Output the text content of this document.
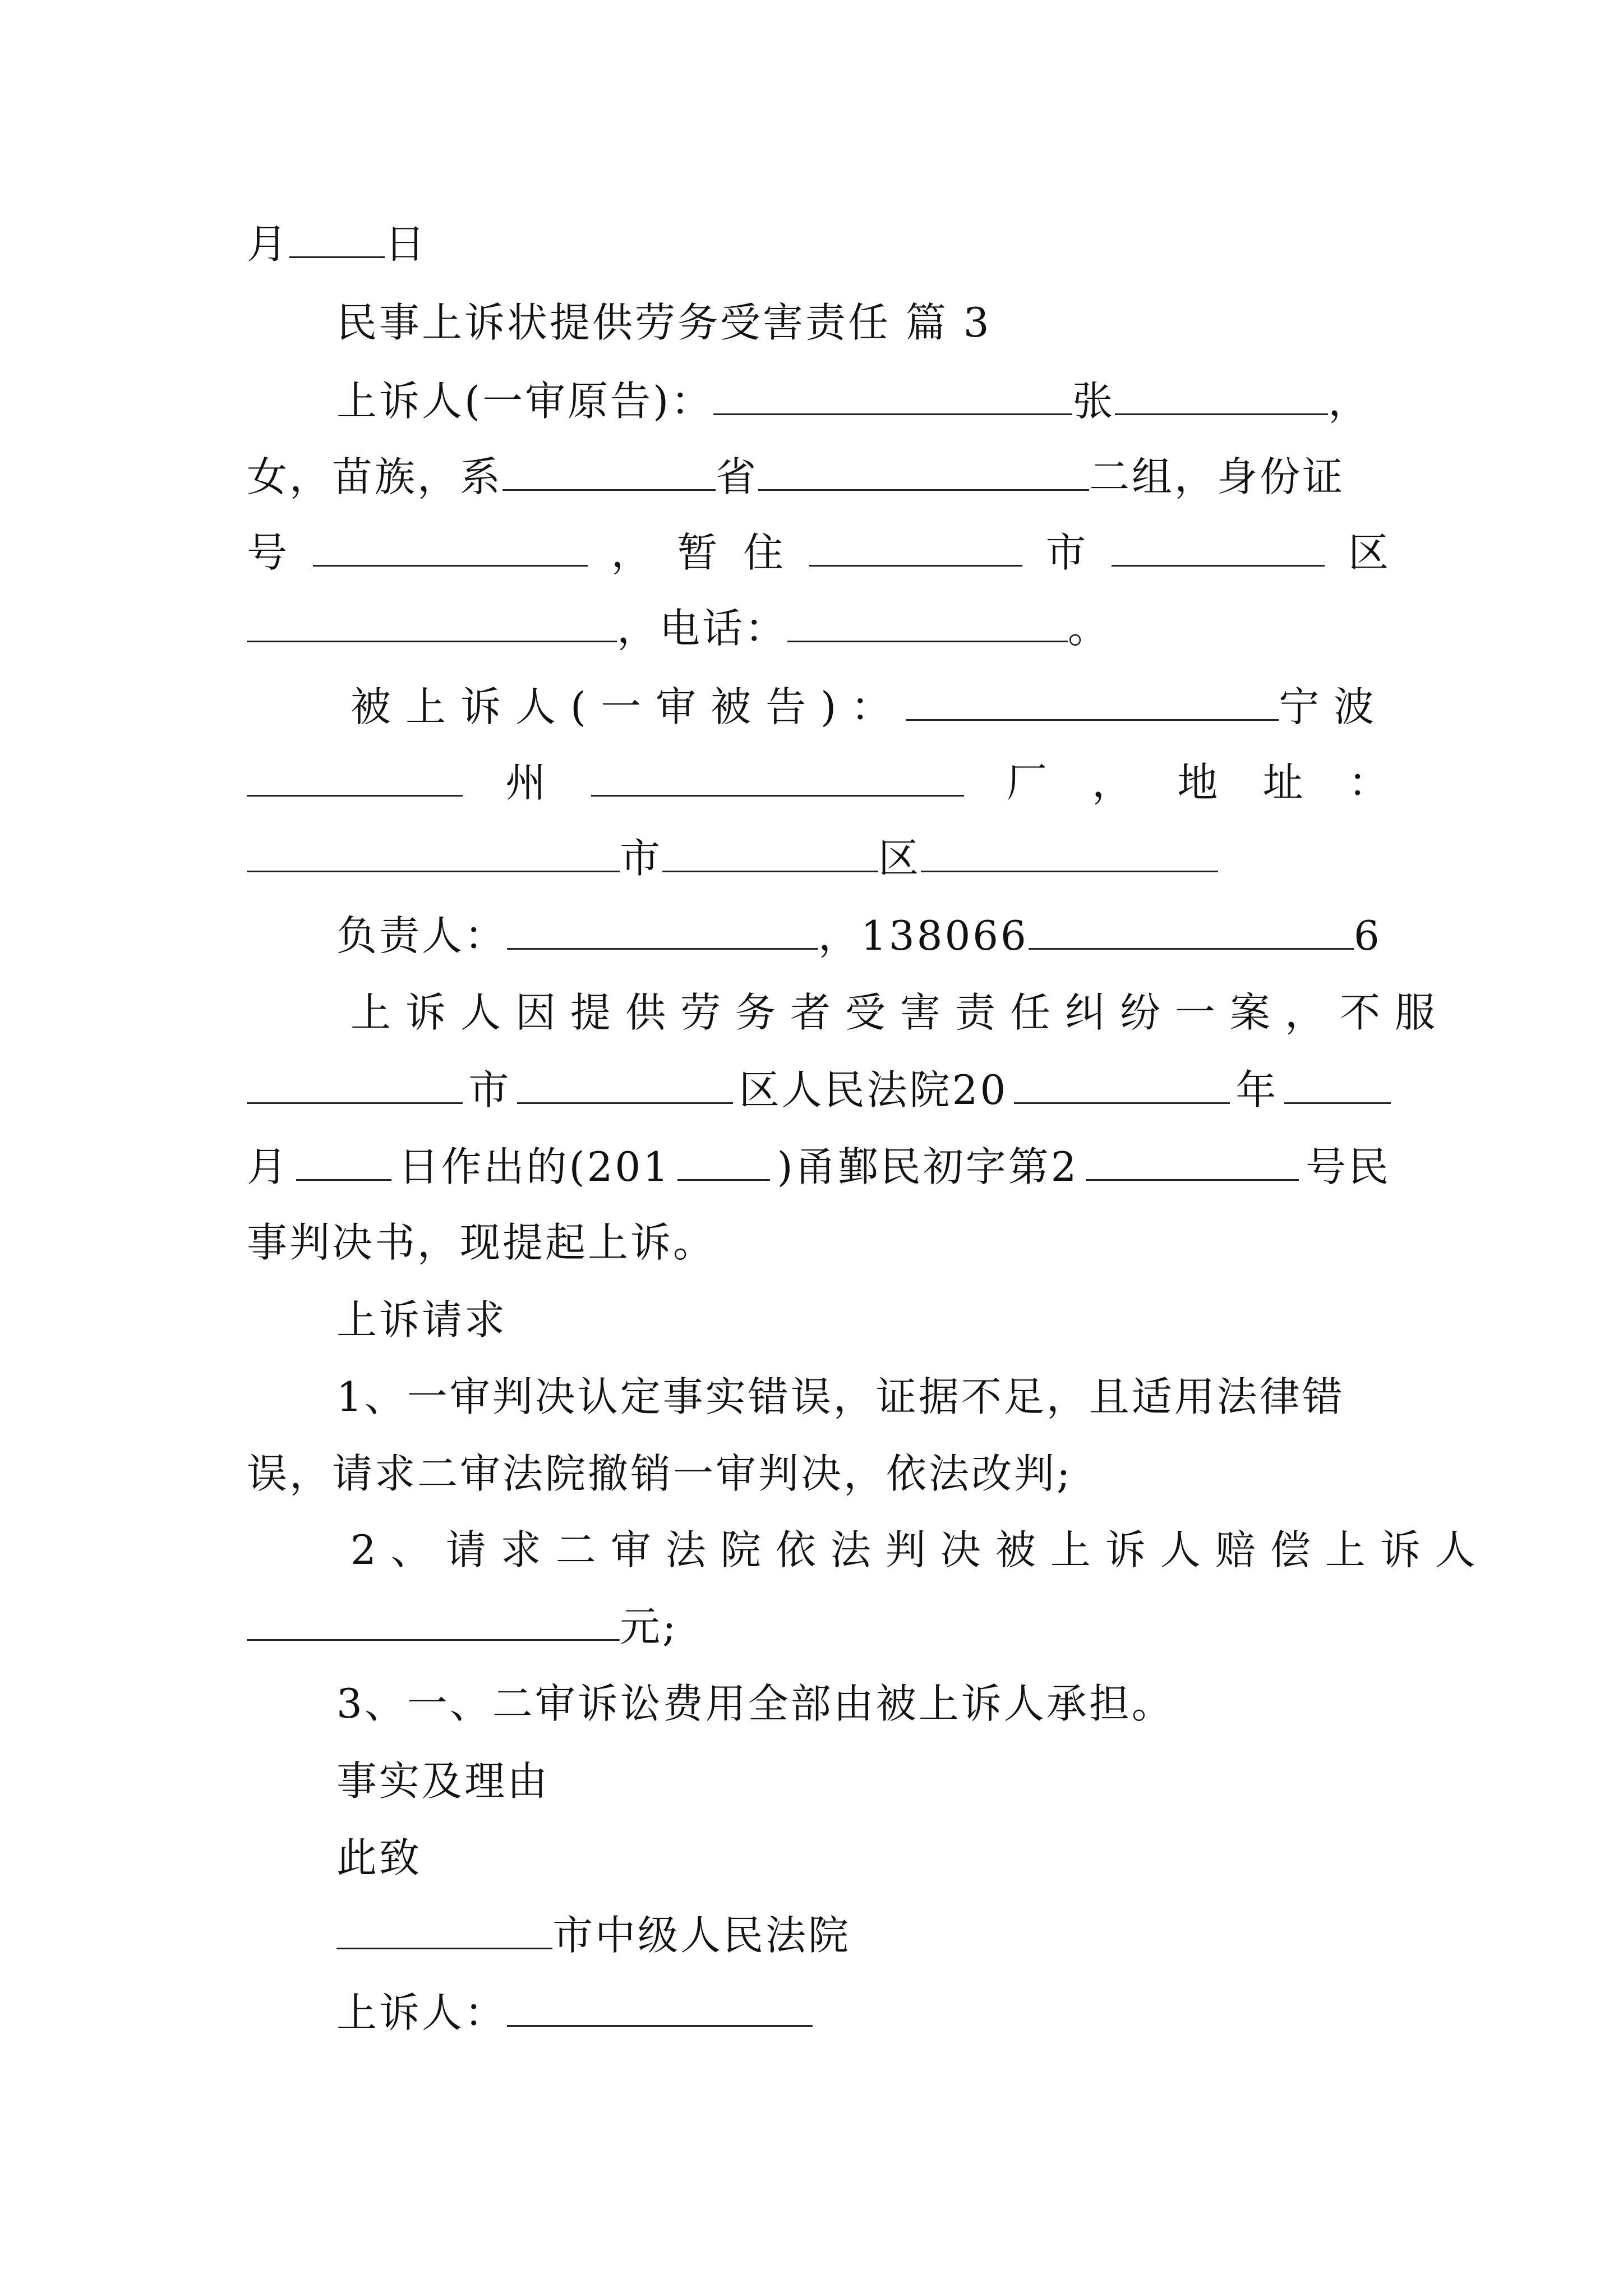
月 日
民事上诉状提供劳务受害责任 篇 3
上诉人(一审原告)：	张	，
女，苗族，系	省	二组，身份证
号	， 暂 住	市	区
，电话：	。
被上诉人(一审被告)：	宁波
州	厂 ， 地 址 ：
市	区
负责人：	，138066	6
上诉人因提供劳务者受害责任纠纷一案，不服
市	区人民法院20	年
月	日作出的(201	)甬鄞民初字第2	号民
事判决书，现提起上诉。
上诉请求
1、一审判决认定事实错误，证据不足，且适用法律错
误，请求二审法院撤销一审判决，依法改判;
2、请求二审法院依法判决被上诉人赔偿上诉人
元;
3、一、二审诉讼费用全部由被上诉人承担。
事实及理由
此致
市中级人民法院
上诉人：
